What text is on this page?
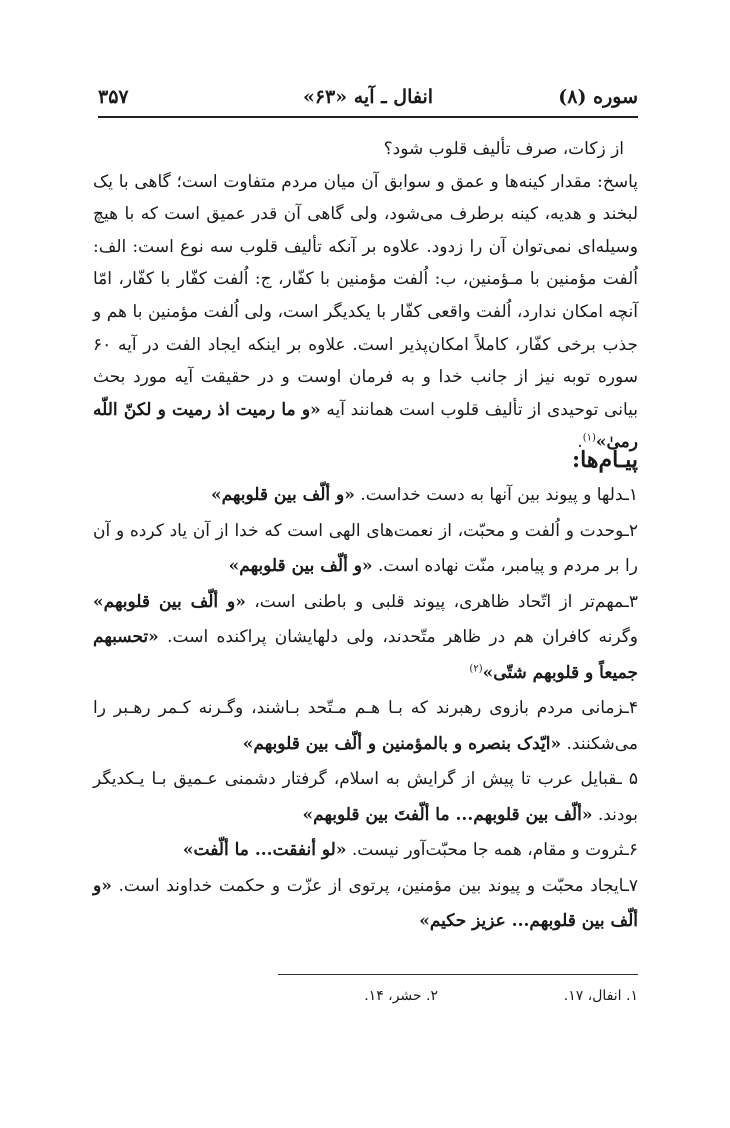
سوره (۸)
انفال ـ آیه «۶۳»
۳۵۷

از زکات، صرف تألیف قلوب شود؟

پاسخ: مقدار کینه‌ها و عمق و سوابق آن میان مردم متفاوت است؛ گاهی با یک لبخند و هدیه، کینه برطرف می‌شود، ولی گاهی آن قدر عمیق است که با هیچ وسیله‌ای نمی‌توان آن را زدود. علاوه بر آنکه تألیف قلوب سه نوع است: الف: اُلفت مؤمنین با مـؤمنین، ب: اُلفت مؤمنین با کفّار، ج: اُلفت کفّار با کفّار، امّا آنچه امکان ندارد، اُلفت واقعی کفّار با یکدیگر است، ولی اُلفت مؤمنین با هم و جذب برخی کفّار، کاملاً امکان‌پذیر است. علاوه بر اینکه ایجاد الفت در آیه ۶۰ سوره توبه نیز از جانب خدا و به فرمان اوست و در حقیقت آیه مورد بحث بیانی توحیدی از تألیف قلوب است همانند آیه «و ما رمیت اذ رمیت و لکنّ اللّه رمیٰ»$^{(۱)}$.

پیـام‌ها:

۱ـدلها و پیوند بین آنها به دست خداست. «و ألّف بین قلوبهم»

۲ـوحدت و اُلفت و محبّت، از نعمت‌های الهی است که خدا از آن یاد کرده و آن را بر مردم و پیامبر، منّت نهاده است. «و ألّف بین قلوبهم»

۳ـمهم‌تر از اتّحاد ظاهری، پیوند قلبی و باطنی است، «و ألّف بین قلوبهم» وگرنه کافران هم در ظاهر متّحدند، ولی دلهایشان پراکنده است. «تحسبهم جمیعاً و قلوبهم شتّی»$^{(۲)}$

۴ـزمانی مردم بازوی رهبرند که بـا هـم مـتّحد بـاشند، وگـرنه کـمر رهـبر را می‌شکنند. «ایّدک بنصره و بالمؤمنین و ألّف بین قلوبهم»

۵ ـقبایل عرب تا پیش از گرایش به اسلام، گرفتار دشمنی عـمیق بـا یـکدیگر بودند. «ألّف بین قلوبهم... ما ألّفتَ بین قلوبهم»

۶ـثروت و مقام، همه جا محبّت‌آور نیست. «لو أنفقت... ما ألّفت»

۷ـایجاد محبّت و پیوند بین مؤمنین، پرتوی از عزّت و حکمت خداوند است. «و ألّف بین قلوبهم... عزیز حکیم»

۱. انفال، ۱۷.
۲. حشر، ۱۴.
